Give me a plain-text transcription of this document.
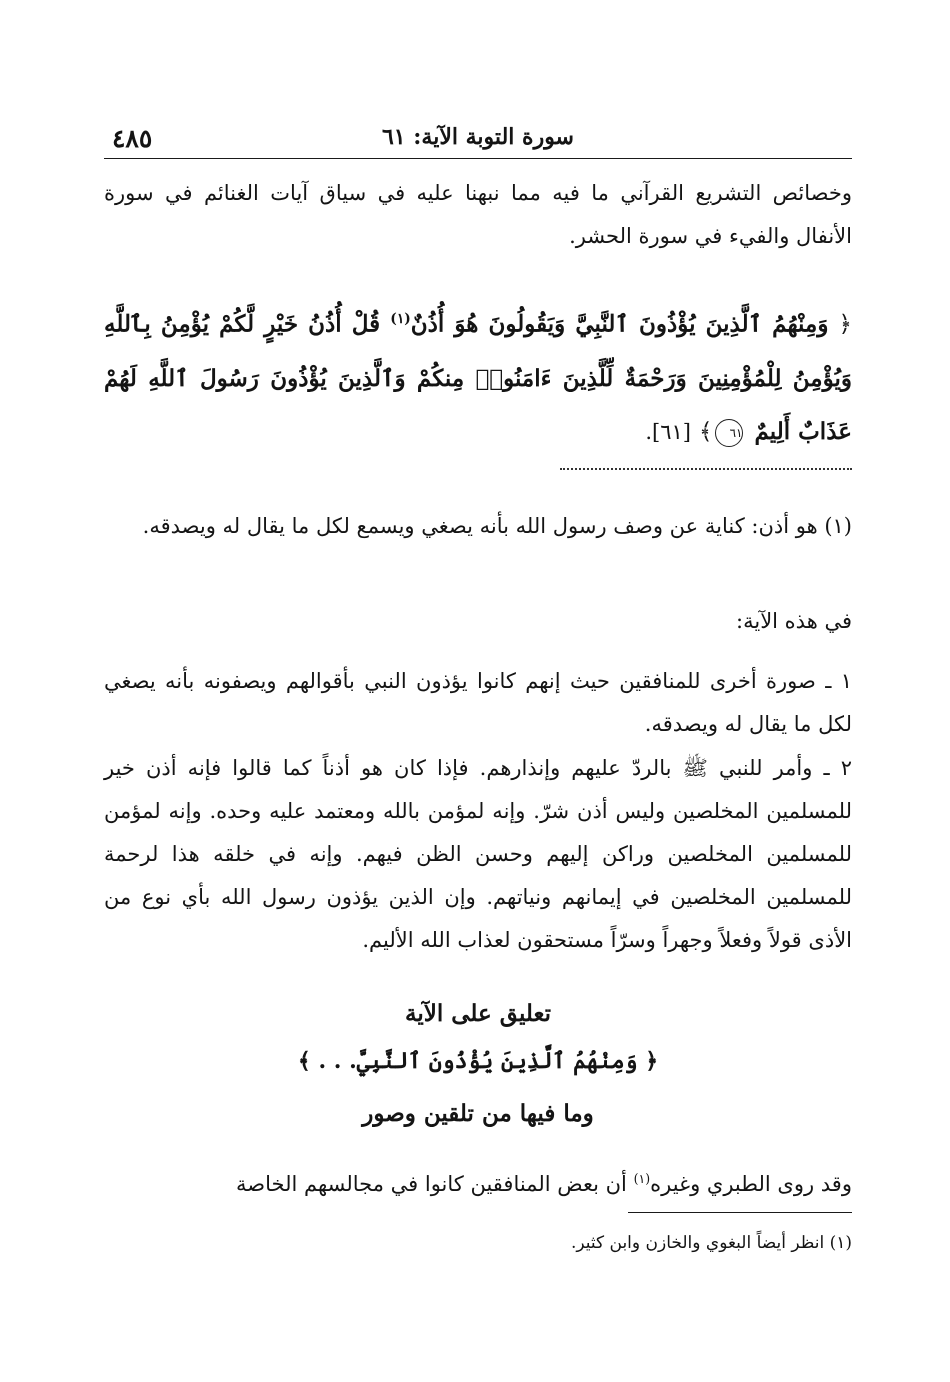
٤٨٥	سورة التوبة الآية: ٦١

وخصائص التشريع القرآني ما فيه مما نبهنا عليه في سياق آيات الغنائم في سورة الأنفال والفيء في سورة الحشر.

﴿ وَمِنْهُمُ ٱلَّذِينَ يُؤْذُونَ ٱلنَّبِيَّ وَيَقُولُونَ هُوَ أُذُنٌ$^{(١)}$ قُلْ أُذُنُ خَيْرٍ لَّكُمْ يُؤْمِنُ بِٱللَّهِ وَيُؤْمِنُ لِلْمُؤْمِنِينَ وَرَحْمَةٌ لِّلَّذِينَ ءَامَنُوا۟ مِنكُمْ وَٱلَّذِينَ يُؤْذُونَ رَسُولَ ٱللَّهِ لَهُمْ عَذَابٌ أَلِيمٌ ٦١﴾ [٦١].

(١) هو أذن: كناية عن وصف رسول الله بأنه يصغي ويسمع لكل ما يقال له ويصدقه.

في هذه الآية:

١ ـ صورة أخرى للمنافقين حيث إنهم كانوا يؤذون النبي بأقوالهم ويصفونه بأنه يصغي لكل ما يقال له ويصدقه.

٢ ـ وأمر للنبي ﷺ بالردّ عليهم وإنذارهم. فإذا كان هو أذناً كما قالوا فإنه أذن خير للمسلمين المخلصين وليس أذن شرّ. وإنه لمؤمن بالله ومعتمد عليه وحده. وإنه لمؤمن للمسلمين المخلصين وراكن إليهم وحسن الظن فيهم. وإنه في خلقه هذا لرحمة للمسلمين المخلصين في إيمانهم ونياتهم. وإن الذين يؤذون رسول الله بأي نوع من الأذى قولاً وفعلاً وجهراً وسرّاً مستحقون لعذاب الله الأليم.

تعليق على الآية
﴿ وَمِنْهُمُ ٱلَّذِينَ يُؤْذُونَ ٱلنَّبِيَّ. . . ﴾
وما فيها من تلقين وصور

وقد روى الطبري وغيره$^{(١)}$ أن بعض المنافقين كانوا في مجالسهم الخاصة

(١) انظر أيضاً البغوي والخازن وابن كثير.
